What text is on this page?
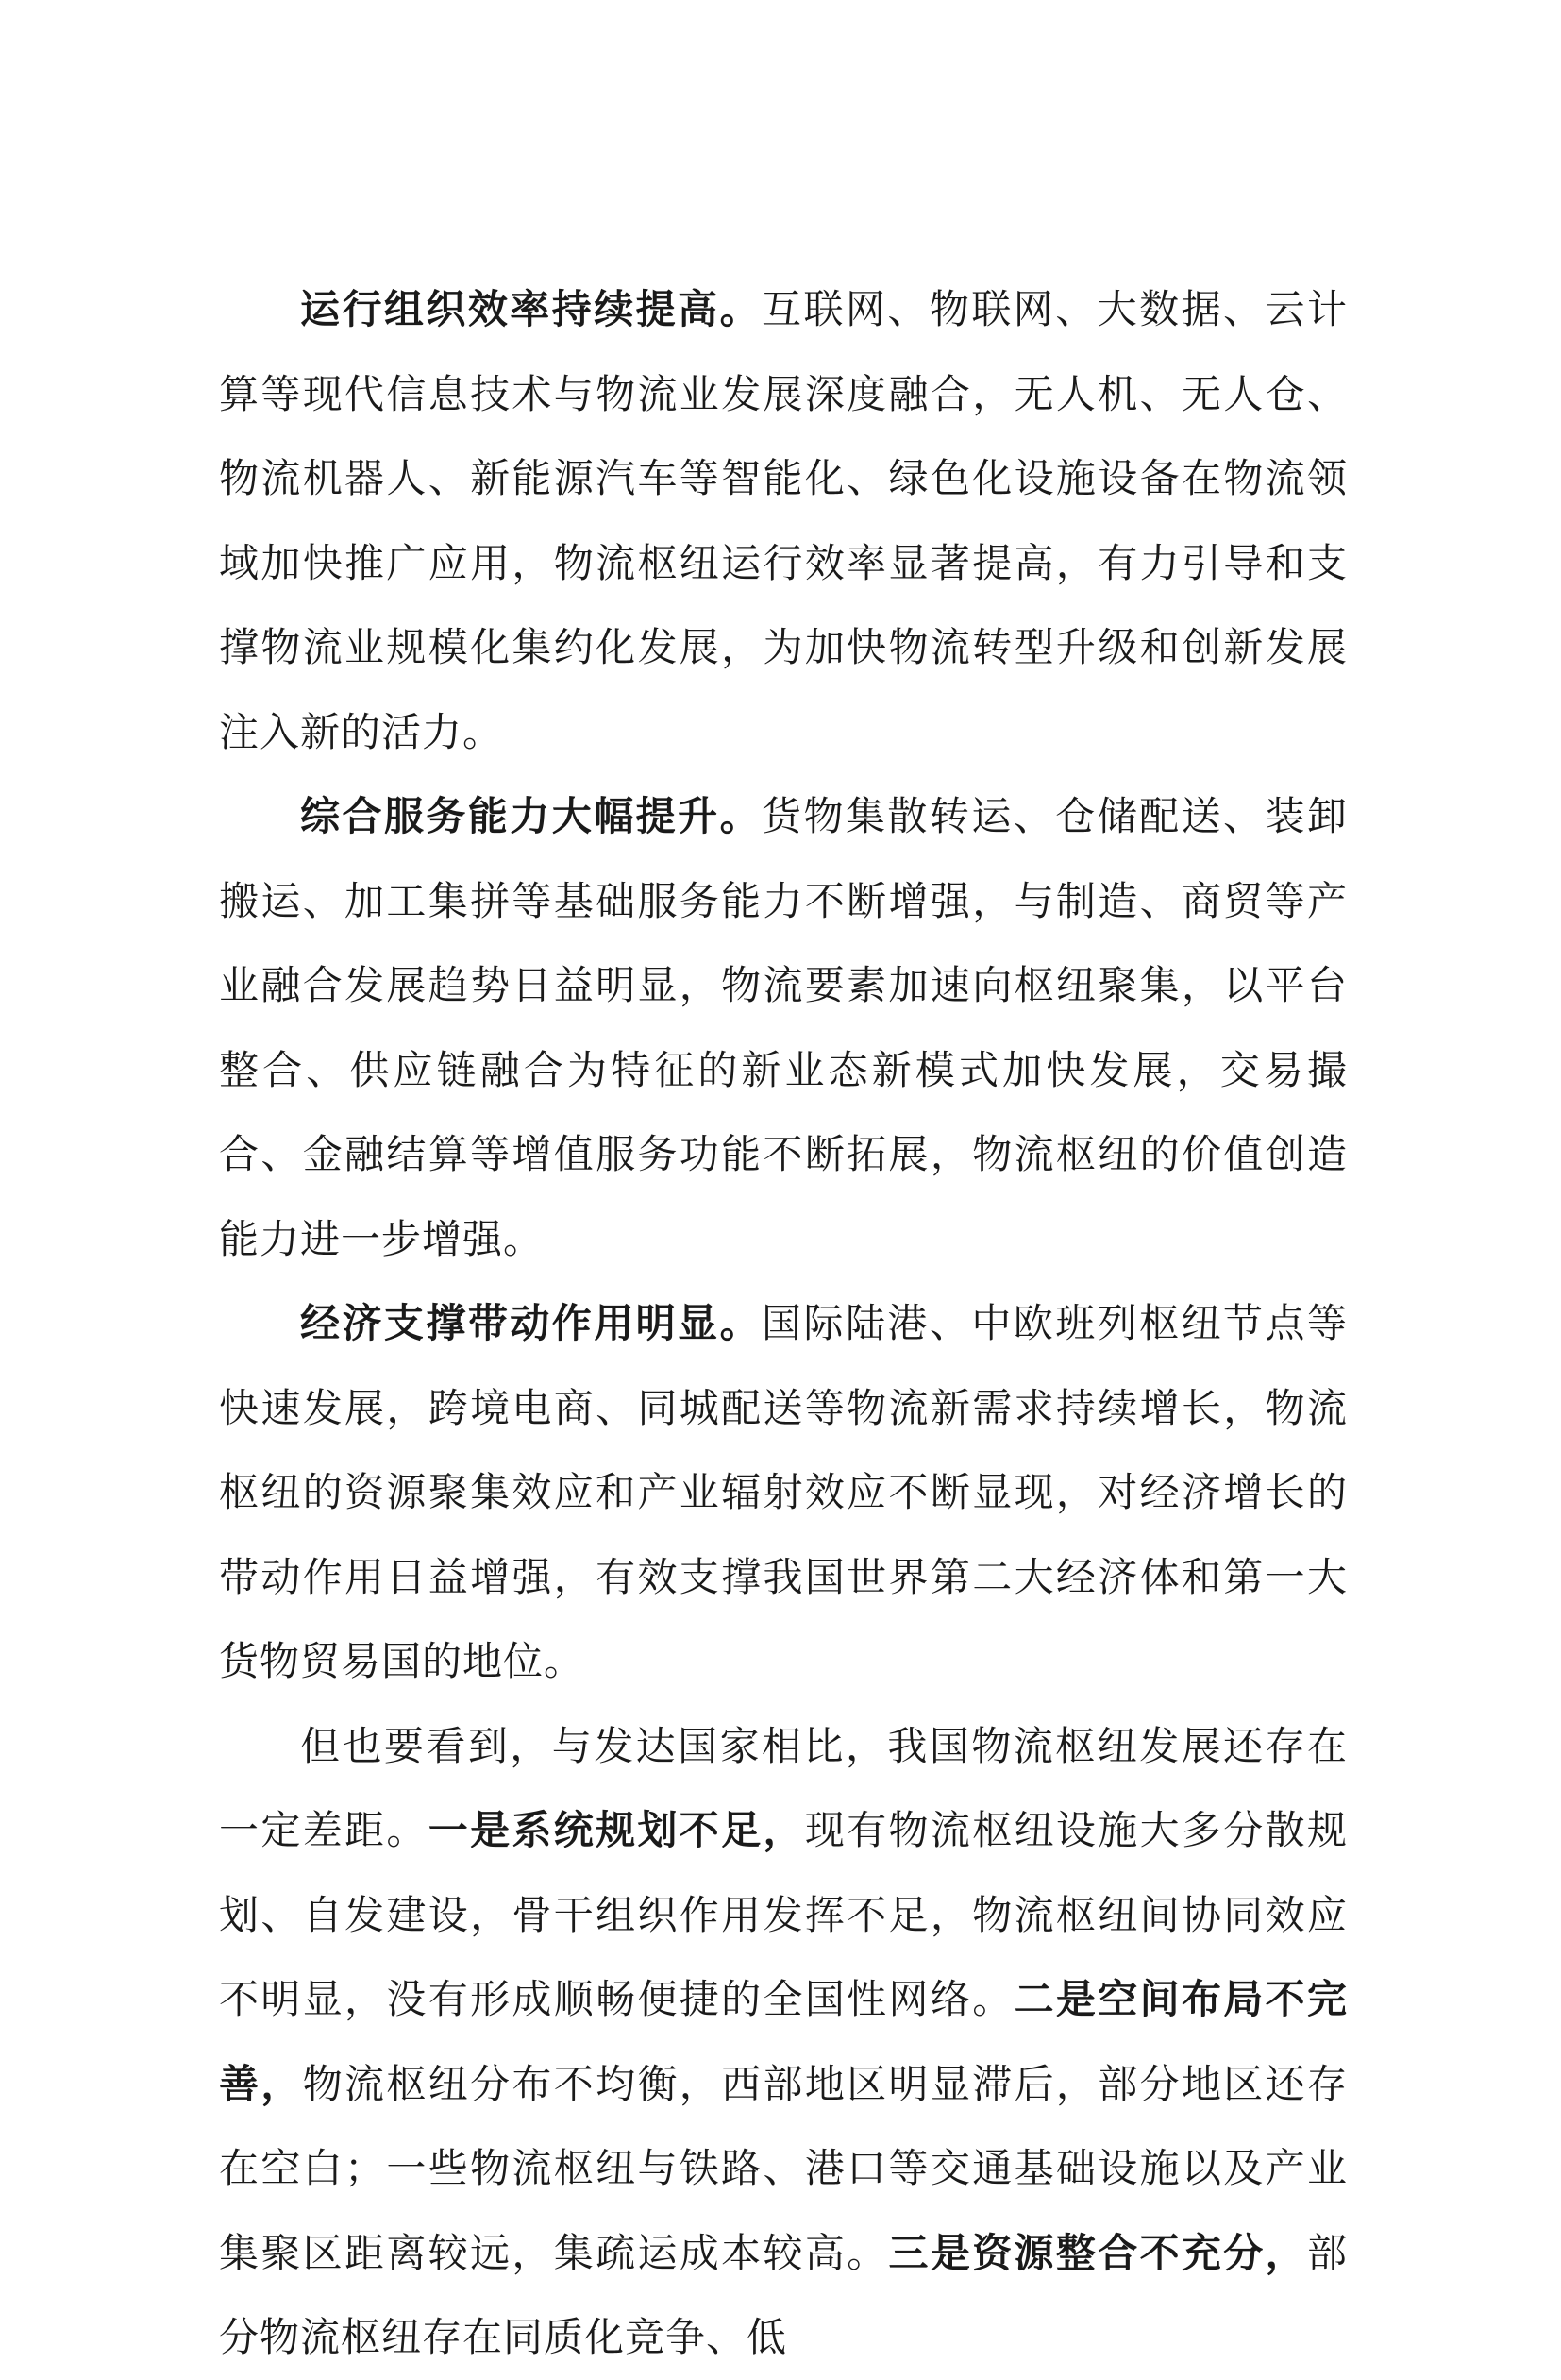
运行组织效率持续提高。互联网、物联网、大数据、云计算等现代信息技术与物流业发展深度融合，无人机、无人仓、物流机器人、新能源汽车等智能化、绿色化设施设备在物流领域加快推广应用，物流枢纽运行效率显著提高，有力引导和支撑物流业规模化集约化发展，为加快物流转型升级和创新发展注入新的活力。

综合服务能力大幅提升。货物集散转运、仓储配送、装卸搬运、加工集拼等基础服务能力不断增强，与制造、商贸等产业融合发展趋势日益明显，物流要素加速向枢纽聚集，以平台整合、供应链融合为特征的新业态新模式加快发展，交易撮合、金融结算等增值服务功能不断拓展，物流枢纽的价值创造能力进一步增强。

经济支撑带动作用明显。国际陆港、中欧班列枢纽节点等快速发展，跨境电商、同城配送等物流新需求持续增长，物流枢纽的资源聚集效应和产业辐射效应不断显现，对经济增长的带动作用日益增强，有效支撑我国世界第二大经济体和第一大货物贸易国的地位。

但也要看到，与发达国家相比，我国物流枢纽发展还存在一定差距。一是系统规划不足，现有物流枢纽设施大多分散规划、自发建设，骨干组织作用发挥不足，物流枢纽间协同效应不明显，没有形成顺畅便捷的全国性网络。二是空间布局不完善，物流枢纽分布不均衡，西部地区明显滞后，部分地区还存在空白；一些物流枢纽与铁路、港口等交通基础设施以及产业集聚区距离较远，集疏运成本较高。三是资源整合不充分，部分物流枢纽存在同质化竞争、低
